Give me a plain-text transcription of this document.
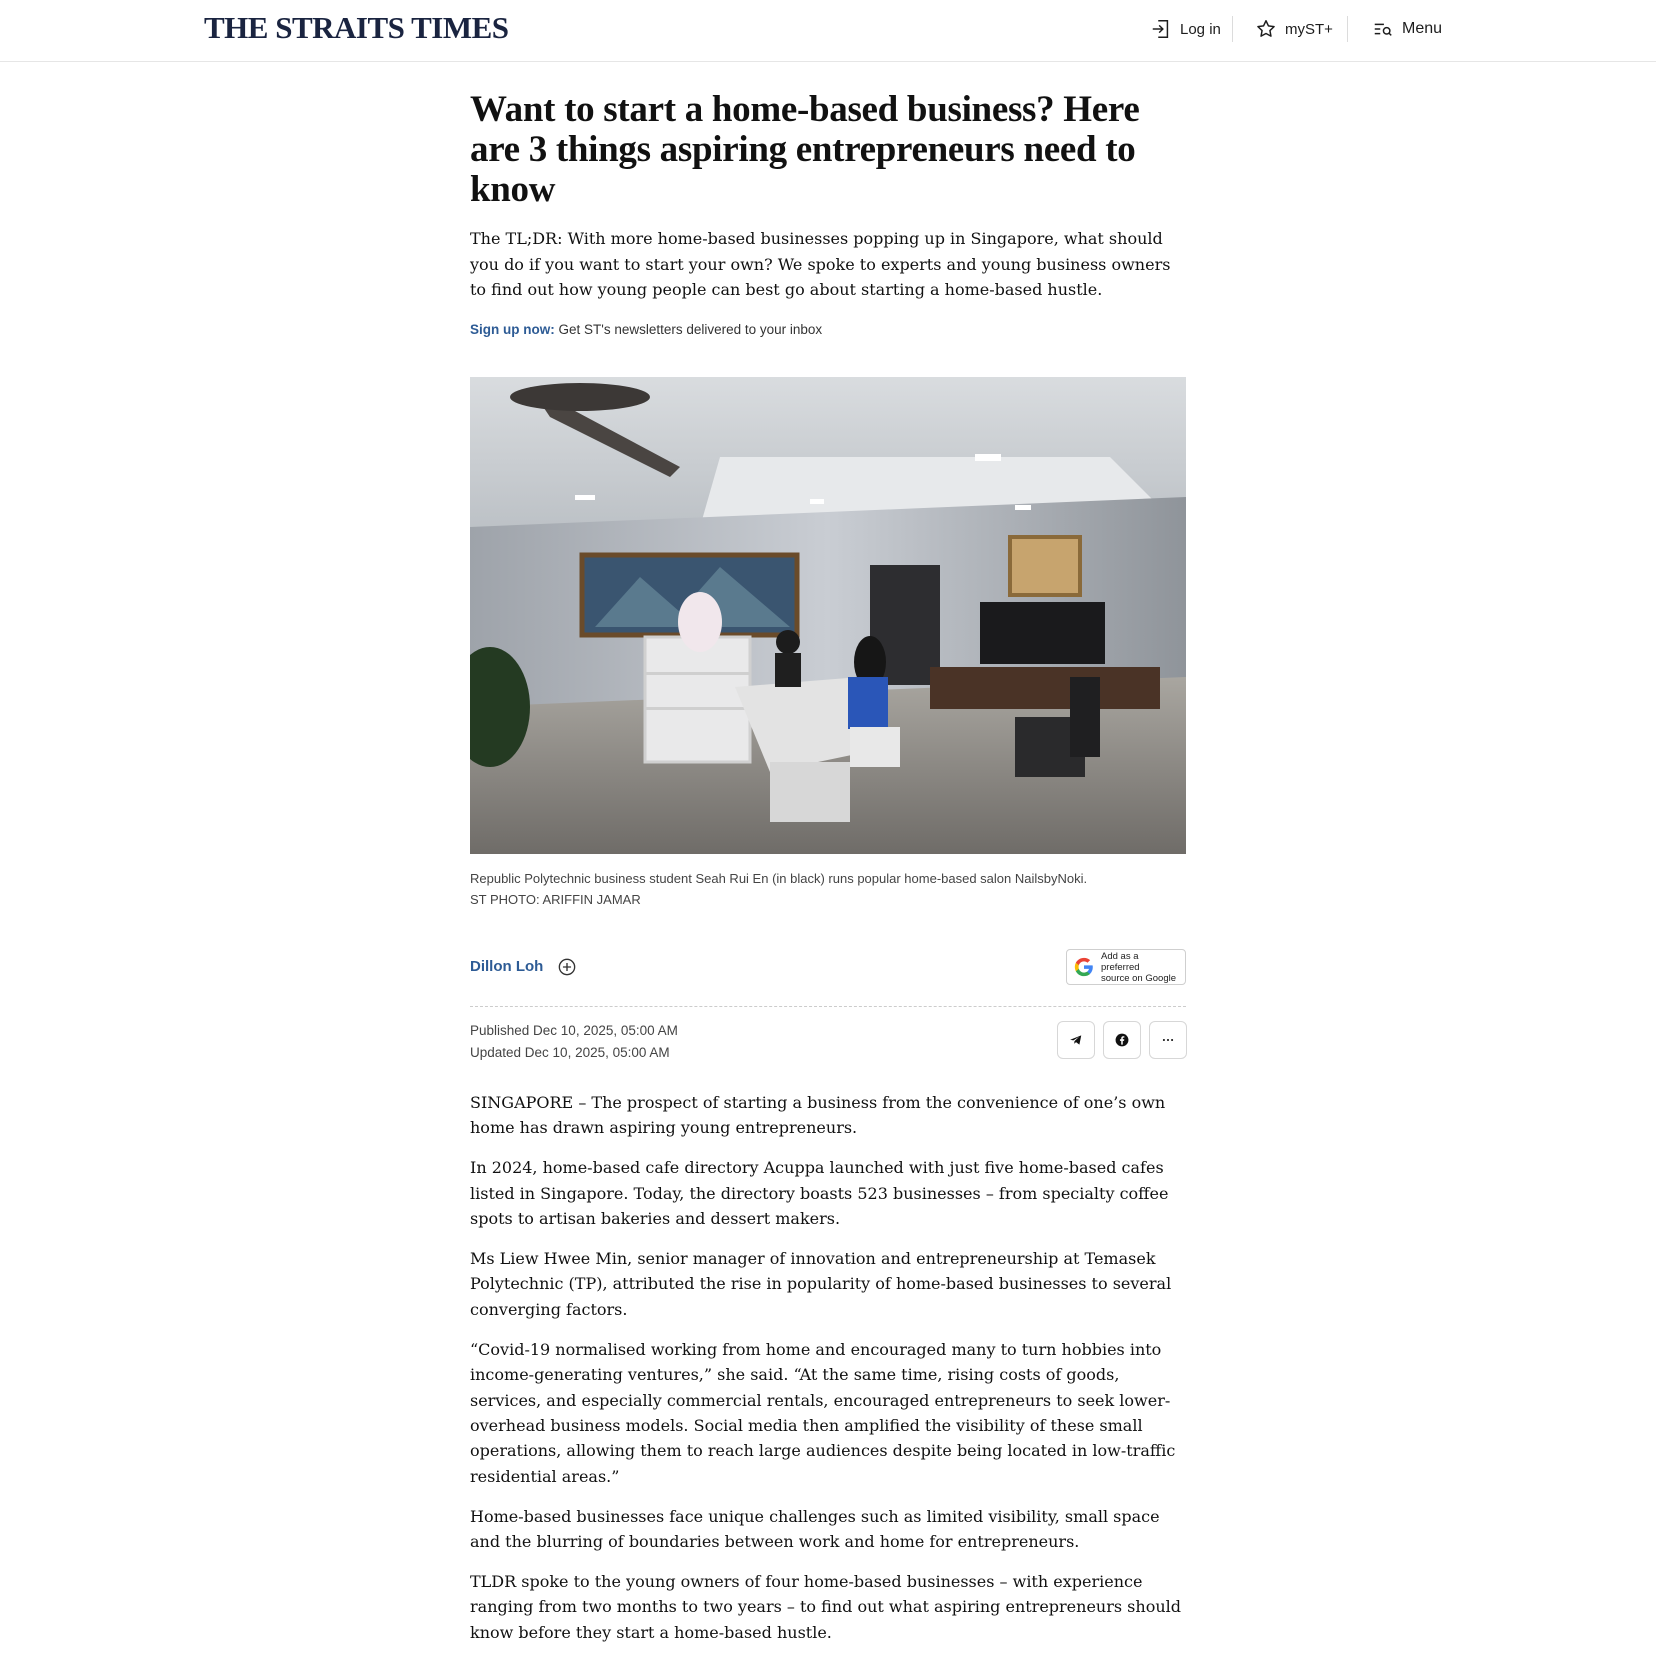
THE STRAITS TIMES	Log in	myST+	Menu
Want to start a home-based business? Here are 3 things aspiring entrepreneurs need to know

The TL;DR: With more home-based businesses popping up in Singapore, what should you do if you want to start your own? We spoke to experts and young business owners to find out how young people can best go about starting a home-based hustle.

Sign up now: Get ST's newsletters delivered to your inbox
Republic Polytechnic business student Seah Rui En (in black) runs popular home-based salon NailsbyNoki.
ST PHOTO: ARIFFIN JAMAR
Dillon Loh
Add as a preferred
source on Google
Published Dec 10, 2025, 05:00 AM
Updated Dec 10, 2025, 05:00 AM

SINGAPORE – The prospect of starting a business from the convenience of one’s own home has drawn aspiring young entrepreneurs.

In 2024, home-based cafe directory Acuppa launched with just five home-based cafes listed in Singapore. Today, the directory boasts 523 businesses – from specialty coffee spots to artisan bakeries and dessert makers.

Ms Liew Hwee Min, senior manager of innovation and entrepreneurship at Temasek Polytechnic (TP), attributed the rise in popularity of home-based businesses to several converging factors.

“Covid-19 normalised working from home and encouraged many to turn hobbies into income-generating ventures,” she said. “At the same time, rising costs of goods, services, and especially commercial rentals, encouraged entrepreneurs to seek lower-overhead business models. Social media then amplified the visibility of these small operations, allowing them to reach large audiences despite being located in low-traffic residential areas.”

Home-based businesses face unique challenges such as limited visibility, small space and the blurring of boundaries between work and home for entrepreneurs.

TLDR spoke to the young owners of four home-based businesses – with experience ranging from two months to two years – to find out what aspiring entrepreneurs should know before they start a home-based hustle.
